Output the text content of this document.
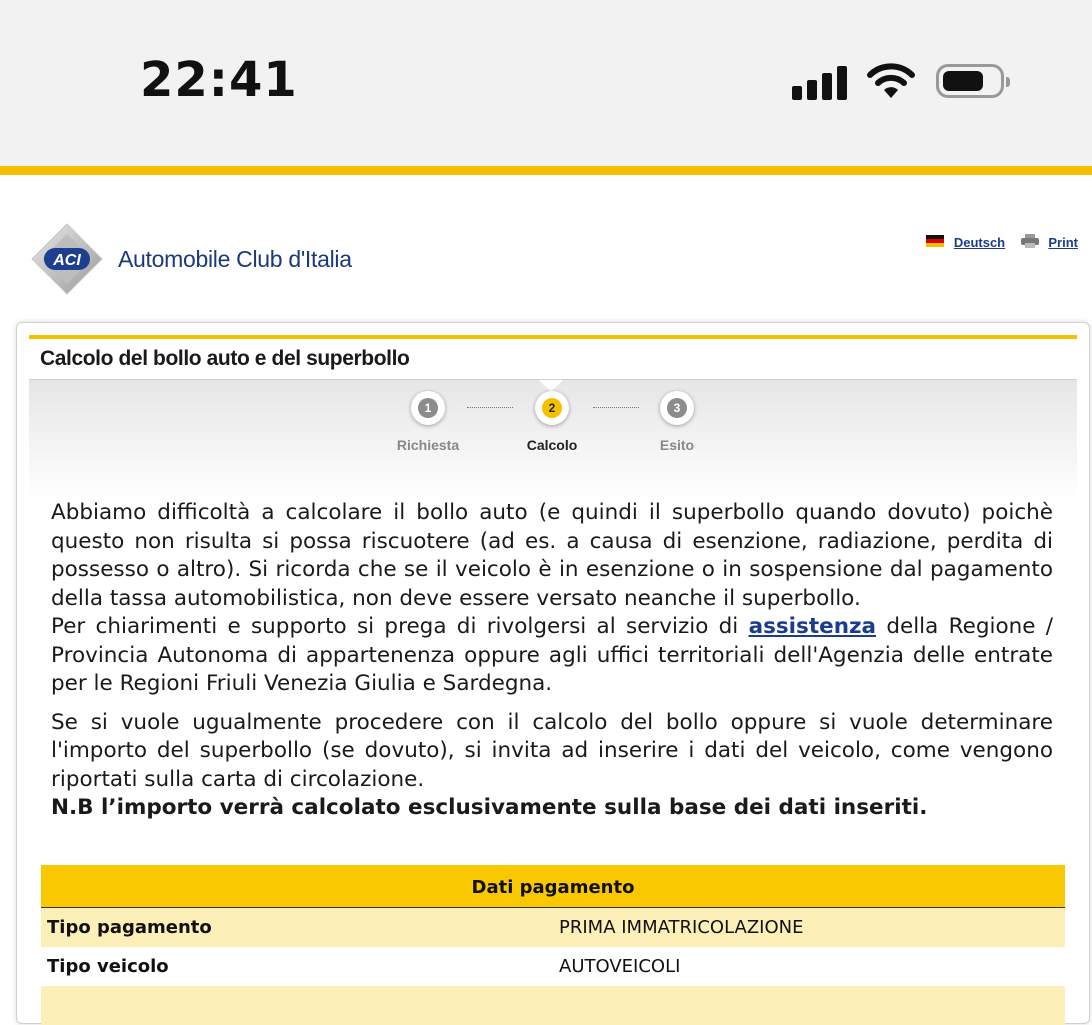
22:41
ACI Automobile Club d'Italia
Deutsch	Print
Calcolo del bollo auto e del superbollo
1
Richiesta
2
Calcolo
3
Esito

Abbiamo difficoltà a calcolare il bollo auto (e quindi il superbollo quando dovuto) poichè questo non risulta si possa riscuotere (ad es. a causa di esenzione, radiazione, perdita di possesso o altro). Si ricorda che se il veicolo è in esenzione o in sospensione dal pagamento della tassa automobilistica, non deve essere versato neanche il superbollo.

Per chiarimenti e supporto si prega di rivolgersi al servizio di assistenza della Regione / Provincia Autonoma di appartenenza oppure agli uffici territoriali dell'Agenzia delle entrate per le Regioni Friuli Venezia Giulia e Sardegna.

Se si vuole ugualmente procedere con il calcolo del bollo oppure si vuole determinare l'importo del superbollo (se dovuto), si invita ad inserire i dati del veicolo, come vengono riportati sulla carta di circolazione.

N.B l’importo verrà calcolato esclusivamente sulla base dei dati inseriti.

Dati pagamento
Tipo pagamento	PRIMA IMMATRICOLAZIONE
Tipo veicolo	AUTOVEICOLI
